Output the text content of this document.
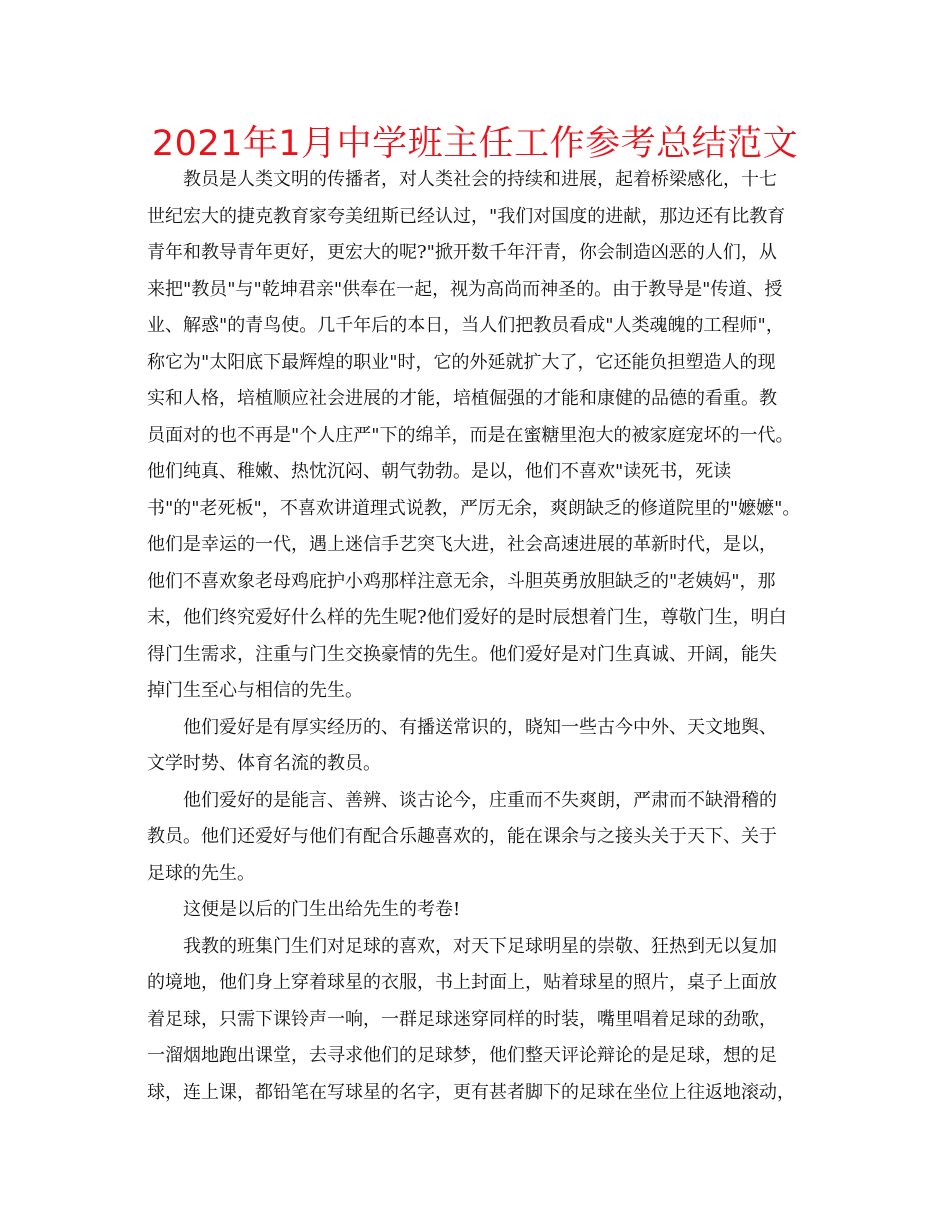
2021年1月中学班主任工作参考总结范文
教员是人类文明的传播者，对人类社会的持续和进展，起着桥梁感化，十七
世纪宏大的捷克教育家夸美纽斯已经认过，"我们对国度的进献，那边还有比教育
青年和教导青年更好，更宏大的呢?"掀开数千年汗青，你会制造凶恶的人们，从
来把"教员"与"乾坤君亲"供奉在一起，视为高尚而神圣的。由于教导是"传道、授
业、解惑"的青鸟使。几千年后的本日，当人们把教员看成"人类魂魄的工程师"，
称它为"太阳底下最辉煌的职业"时，它的外延就扩大了，它还能负担塑造人的现
实和人格，培植顺应社会进展的才能，培植倔强的才能和康健的品德的看重。教
员面对的也不再是"个人庄严"下的绵羊，而是在蜜糖里泡大的被家庭宠坏的一代。
他们纯真、稚嫩、热忱沉闷、朝气勃勃。是以，他们不喜欢"读死书，死读
书"的"老死板"，不喜欢讲道理式说教，严厉无余，爽朗缺乏的修道院里的"嬷嬷"。
他们是幸运的一代，遇上迷信手艺突飞大进，社会高速进展的革新时代，是以，
他们不喜欢象老母鸡庇护小鸡那样注意无余，斗胆英勇放胆缺乏的"老姨妈"，那
末，他们终究爱好什么样的先生呢?他们爱好的是时辰想着门生，尊敬门生，明白
得门生需求，注重与门生交换豪情的先生。他们爱好是对门生真诚、开阔，能失
掉门生至心与相信的先生。
他们爱好是有厚实经历的、有播送常识的，晓知一些古今中外、天文地舆、
文学时势、体育名流的教员。
他们爱好的是能言、善辨、谈古论今，庄重而不失爽朗，严肃而不缺滑稽的
教员。他们还爱好与他们有配合乐趣喜欢的，能在课余与之接头关于天下、关于
足球的先生。
这便是以后的门生出给先生的考卷!
我教的班集门生们对足球的喜欢，对天下足球明星的崇敬、狂热到无以复加
的境地，他们身上穿着球星的衣服，书上封面上，贴着球星的照片，桌子上面放
着足球，只需下课铃声一响，一群足球迷穿同样的时装，嘴里唱着足球的劲歌，
一溜烟地跑出课堂，去寻求他们的足球梦，他们整天评论辩论的是足球，想的足
球，连上课，都铅笔在写球星的名字，更有甚者脚下的足球在坐位上往返地滚动，
